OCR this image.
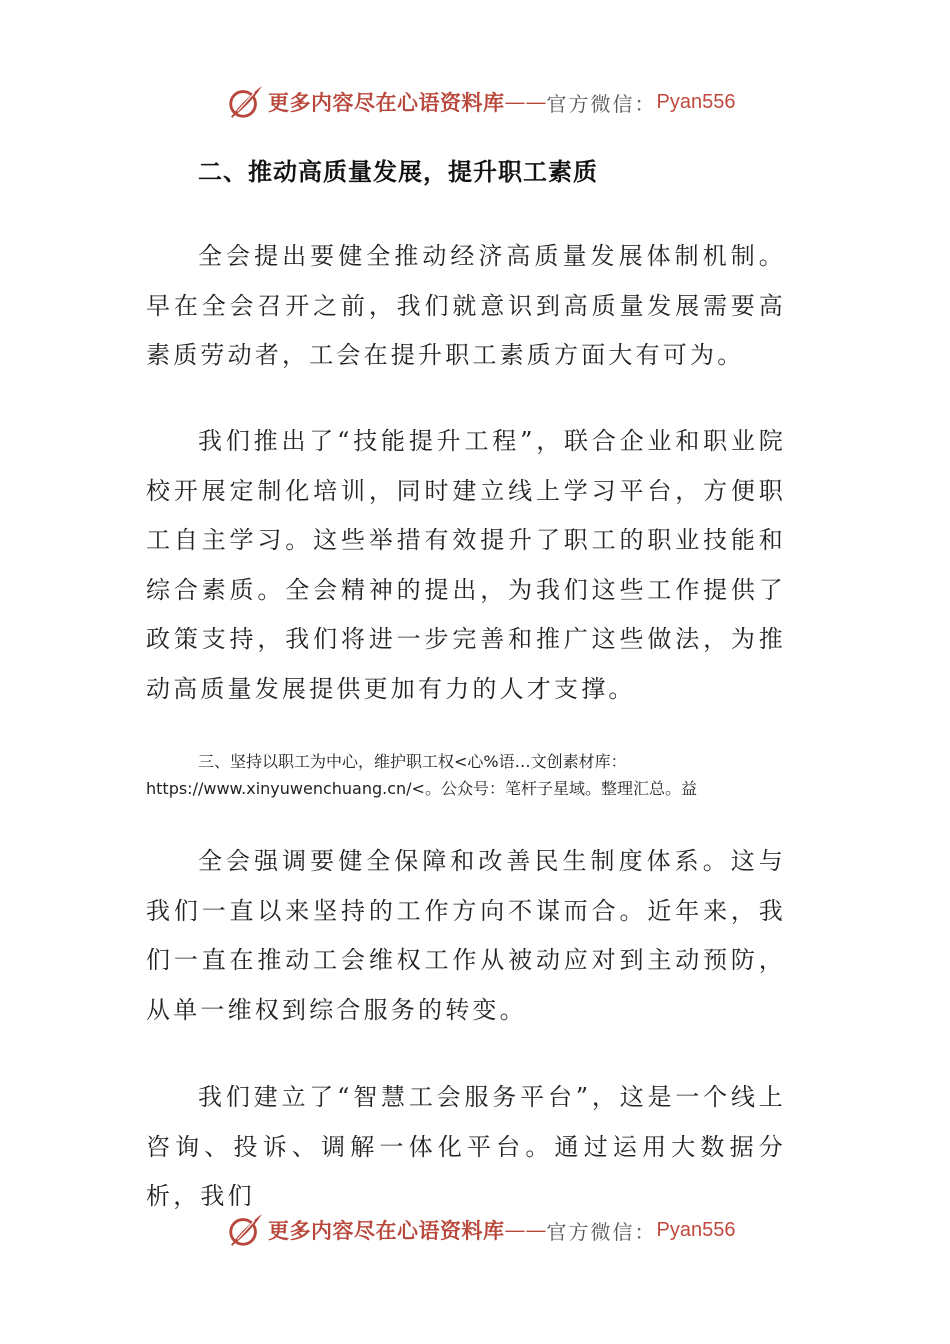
更多内容尽在心语资料库 —— 官方微信： Pyan556
二、推动高质量发展，提升职工素质

全会提出要健全推动经济高质量发展体制机制。早在全会召开之前，我们就意识到高质量发展需要高素质劳动者，工会在提升职工素质方面大有可为。

我们推出了“技能提升工程”，联合企业和职业院校开展定制化培训，同时建立线上学习平台，方便职工自主学习。这些举措有效提升了职工的职业技能和综合素质。全会精神的提出，为我们这些工作提供了政策支持，我们将进一步完善和推广这些做法，为推动高质量发展提供更加有力的人才支撑。

三、坚持以职工为中心，维护职工权<心%语…文创素材库：https://www.xinyuwenchuang.cn/<。公众号：笔杆子星域。整理汇总。益

全会强调要健全保障和改善民生制度体系。这与我们一直以来坚持的工作方向不谋而合。近年来，我们一直在推动工会维权工作从被动应对到主动预防，从单一维权到综合服务的转变。

我们建立了“智慧工会服务平台”，这是一个线上咨询、投诉、调解一体化平台。通过运用大数据分析，我们

更多内容尽在心语资料库 —— 官方微信： Pyan556
